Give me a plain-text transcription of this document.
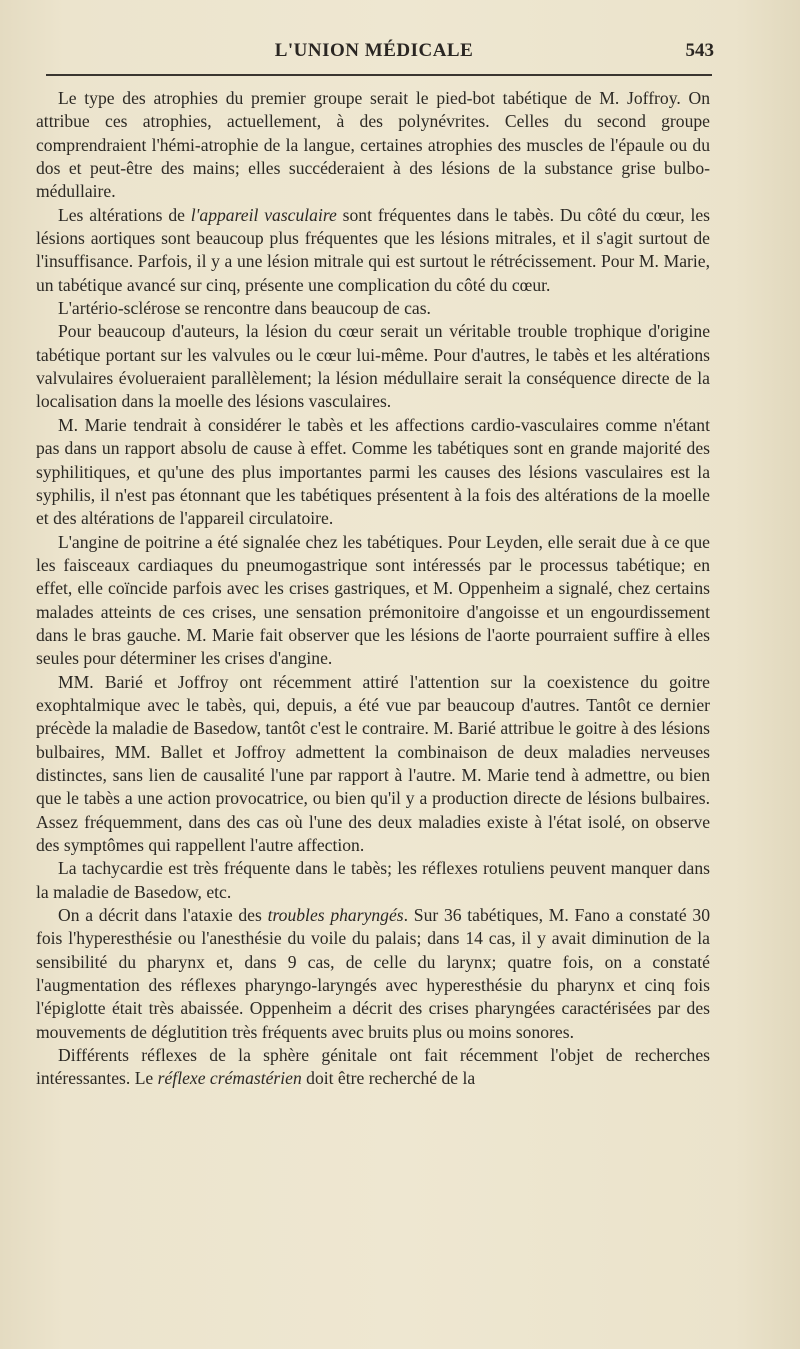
L'UNION MÉDICALE	543

Le type des atrophies du premier groupe serait le pied-bot tabétique de M. Joffroy. On attribue ces atrophies, actuellement, à des polynévrites. Celles du second groupe comprendraient l'hémi-atrophie de la langue, certaines atrophies des muscles de l'épaule ou du dos et peut-être des mains; elles succéderaient à des lésions de la substance grise bulbo-médullaire.

Les altérations de l'appareil vasculaire sont fréquentes dans le tabès. Du côté du cœur, les lésions aortiques sont beaucoup plus fréquentes que les lésions mitrales, et il s'agit surtout de l'insuffisance. Parfois, il y a une lésion mitrale qui est surtout le rétrécissement. Pour M. Marie, un tabétique avancé sur cinq, présente une complication du côté du cœur.

L'artério-sclérose se rencontre dans beaucoup de cas.

Pour beaucoup d'auteurs, la lésion du cœur serait un véritable trouble trophique d'origine tabétique portant sur les valvules ou le cœur lui-même. Pour d'autres, le tabès et les altérations valvulaires évolueraient parallèlement; la lésion médullaire serait la conséquence directe de la localisation dans la moelle des lésions vasculaires.

M. Marie tendrait à considérer le tabès et les affections cardio-vasculaires comme n'étant pas dans un rapport absolu de cause à effet. Comme les tabétiques sont en grande majorité des syphilitiques, et qu'une des plus importantes parmi les causes des lésions vasculaires est la syphilis, il n'est pas étonnant que les tabétiques présentent à la fois des altérations de la moelle et des altérations de l'appareil circulatoire.

L'angine de poitrine a été signalée chez les tabétiques. Pour Leyden, elle serait due à ce que les faisceaux cardiaques du pneumogastrique sont intéressés par le processus tabétique; en effet, elle coïncide parfois avec les crises gastriques, et M. Oppenheim a signalé, chez certains malades atteints de ces crises, une sensation prémonitoire d'angoisse et un engourdissement dans le bras gauche. M. Marie fait observer que les lésions de l'aorte pourraient suffire à elles seules pour déterminer les crises d'angine.

MM. Barié et Joffroy ont récemment attiré l'attention sur la coexistence du goitre exophtalmique avec le tabès, qui, depuis, a été vue par beaucoup d'autres. Tantôt ce dernier précède la maladie de Basedow, tantôt c'est le contraire. M. Barié attribue le goitre à des lésions bulbaires, MM. Ballet et Joffroy admettent la combinaison de deux maladies nerveuses distinctes, sans lien de causalité l'une par rapport à l'autre. M. Marie tend à admettre, ou bien que le tabès a une action provocatrice, ou bien qu'il y a production directe de lésions bulbaires. Assez fréquemment, dans des cas où l'une des deux maladies existe à l'état isolé, on observe des symptômes qui rappellent l'autre affection.

La tachycardie est très fréquente dans le tabès; les réflexes rotuliens peuvent manquer dans la maladie de Basedow, etc.

On a décrit dans l'ataxie des troubles pharyngés. Sur 36 tabétiques, M. Fano a constaté 30 fois l'hyperesthésie ou l'anesthésie du voile du palais; dans 14 cas, il y avait diminution de la sensibilité du pharynx et, dans 9 cas, de celle du larynx; quatre fois, on a constaté l'augmentation des réflexes pharyngo-laryngés avec hyperesthésie du pharynx et cinq fois l'épiglotte était très abaissée. Oppenheim a décrit des crises pharyngées caractérisées par des mouvements de déglutition très fréquents avec bruits plus ou moins sonores.

Différents réflexes de la sphère génitale ont fait récemment l'objet de recherches intéressantes. Le réflexe crémastérien doit être recherché de la
